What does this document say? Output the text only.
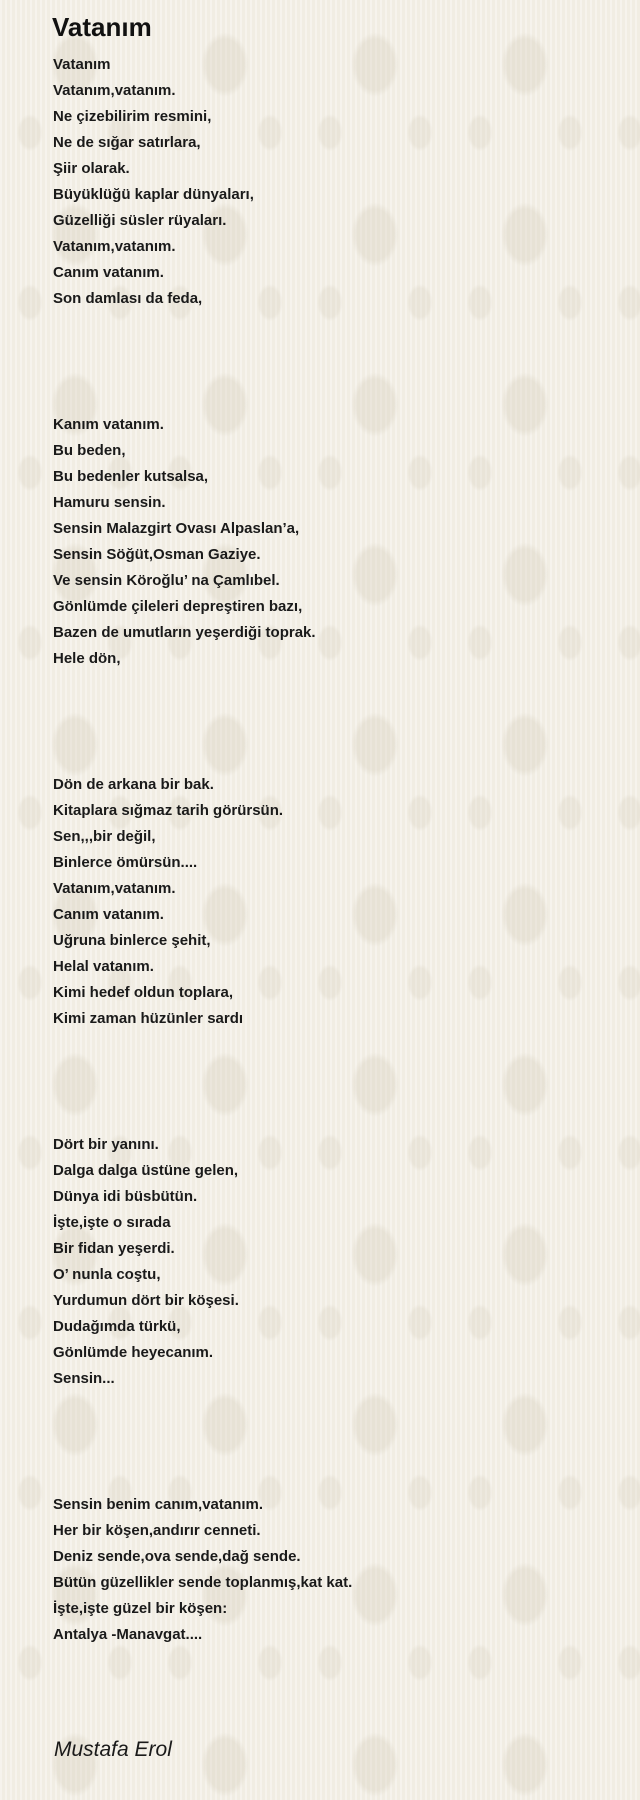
Vatanım
Vatanım
Vatanım,vatanım.
Ne çizebilirim resmini,
Ne de sığar satırlara,
Şiir olarak.
Büyüklüğü kaplar dünyaları,
Güzelliği süsler rüyaları.
Vatanım,vatanım.
Canım vatanım.
Son damlası da feda,
Kanım vatanım.
Bu beden,
Bu bedenler kutsalsa,
Hamuru sensin.
Sensin Malazgirt Ovası Alpaslan’a,
Sensin Söğüt,Osman Gaziye.
Ve sensin Köroğlu’ na Çamlıbel.
Gönlümde çileleri depreştiren bazı,
Bazen de umutların yeşerdiği toprak.
Hele dön,
Dön de arkana bir bak.
Kitaplara sığmaz tarih görürsün.
Sen,,,bir değil,
Binlerce ömürsün....
Vatanım,vatanım.
Canım vatanım.
Uğruna binlerce şehit,
Helal vatanım.
Kimi hedef oldun toplara,
Kimi zaman hüzünler sardı
Dört bir yanını.
Dalga dalga üstüne gelen,
Dünya idi büsbütün.
İşte,işte o sırada
Bir fidan yeşerdi.
O’ nunla coştu,
Yurdumun dört bir köşesi.
Dudağımda türkü,
Gönlümde heyecanım.
Sensin...
Sensin benim canım,vatanım.
Her bir köşen,andırır cenneti.
Deniz sende,ova sende,dağ sende.
Bütün güzellikler sende toplanmış,kat kat.
İşte,işte güzel bir köşen:
Antalya -Manavgat....
Mustafa Erol
